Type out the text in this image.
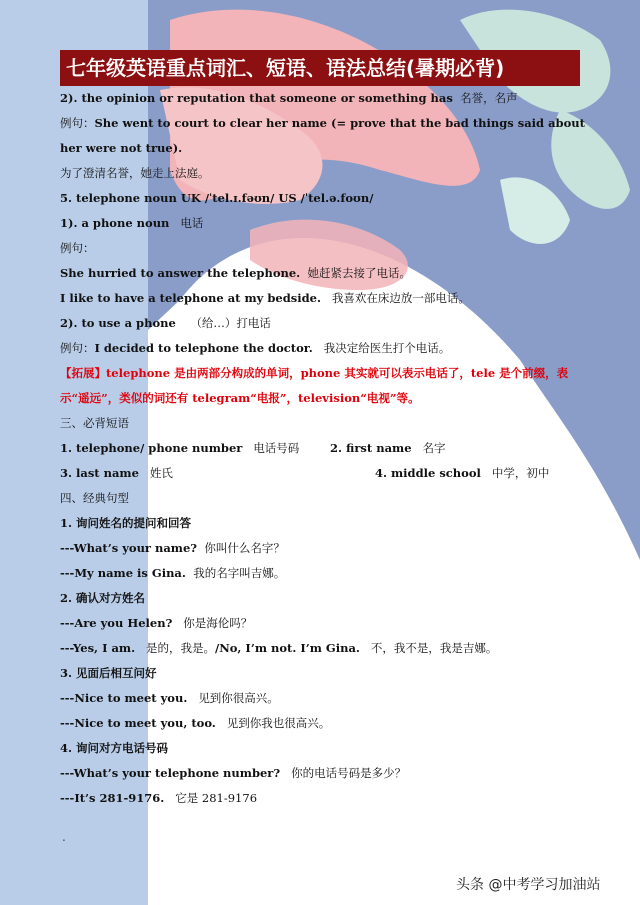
七年级英语重点词汇、短语、语法总结(暑期必背)
2). the opinion or reputation that someone or something has 名誉，名声
例句：She went to court to clear her name (= prove that the bad things said about her were not true).
为了澄清名誉，她走上法庭。
5. telephone noun UK /ˈtel.ɪ.fəʊn/ US /ˈtel.ə.foʊn/
1). a phone noun 电话
例句：
She hurried to answer the telephone. 她赶紧去接了电话。
I like to have a telephone at my bedside. 我喜欢在床边放一部电话。
2). to use a phone （给…）打电话
例句：I decided to telephone the doctor. 我决定给医生打个电话。
【拓展】telephone 是由两部分构成的单词，phone 其实就可以表示电话了，tele 是个前缀，表示“遥远”，类似的词还有 telegram“电报”，television“电视”等。
三、必背短语
1. telephone/ phone number 电话号码	2. first name 名字
3. last name 姓氏	4. middle school 中学，初中
四、经典句型
1. 询问姓名的提问和回答
---What’s your name? 你叫什么名字？
---My name is Gina. 我的名字叫吉娜。
2. 确认对方姓名
---Are you Helen? 你是海伦吗？
---Yes, I am. 是的，我是。/No, I’m not. I’m Gina. 不，我不是，我是吉娜。
3. 见面后相互问好
---Nice to meet you. 见到你很高兴。
---Nice to meet you, too. 见到你我也很高兴。
4. 询问对方电话号码
---What’s your telephone number? 你的电话号码是多少？
---It’s 281-9176. 它是 281-9176
.
头条 @中考学习加油站
